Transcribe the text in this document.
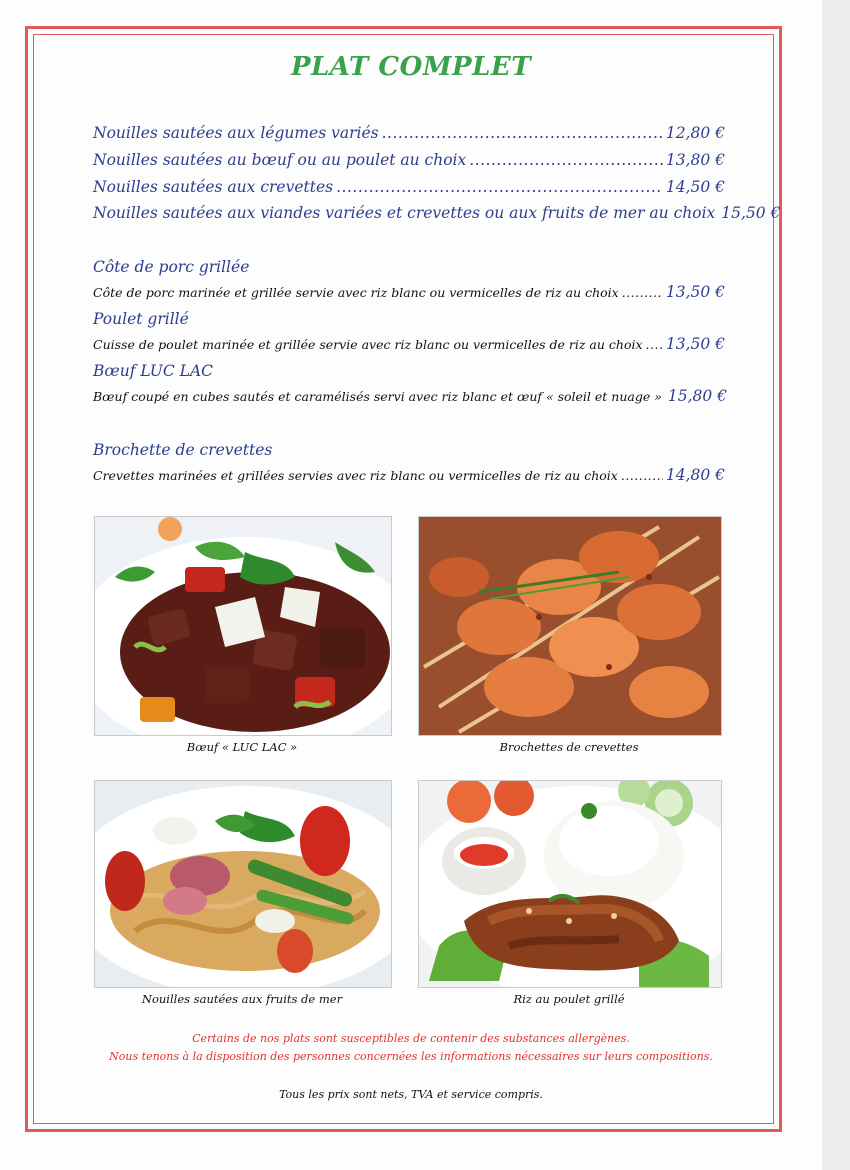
PLAT COMPLET
Nouilles sautées aux légumes variés .....	12,80 €
Nouilles sautées au bœuf ou au poulet au choix .....	13,80 €
Nouilles sautées aux crevettes .....	14,50 €
Nouilles sautées aux viandes variées et crevettes ou aux fruits de mer au choix 15,50 €
Côte de porc grillée
Côte de porc marinée et grillée servie avec riz blanc ou vermicelles de riz au choix .....	13,50 €
Poulet grillé
Cuisse de poulet marinée et grillée servie avec riz blanc ou vermicelles de riz au choix ..... 13,50 €
Bœuf LUC LAC
Bœuf coupé en cubes sautés et caramélisés servi avec riz blanc et œuf « soleil et nuage » 15,80 €
Brochette de crevettes
Crevettes marinées et grillées servies avec riz blanc ou vermicelles de riz au choix .....	14,80 €
Bœuf « LUC LAC »	Brochettes de crevettes
Nouilles sautées aux fruits de mer	Riz au poulet grillé
Certains de nos plats sont susceptibles de contenir des substances allergènes.
Nous tenons à la disposition des personnes concernées les informations nécessaires sur leurs compositions.
Tous les prix sont nets, TVA et service compris.
